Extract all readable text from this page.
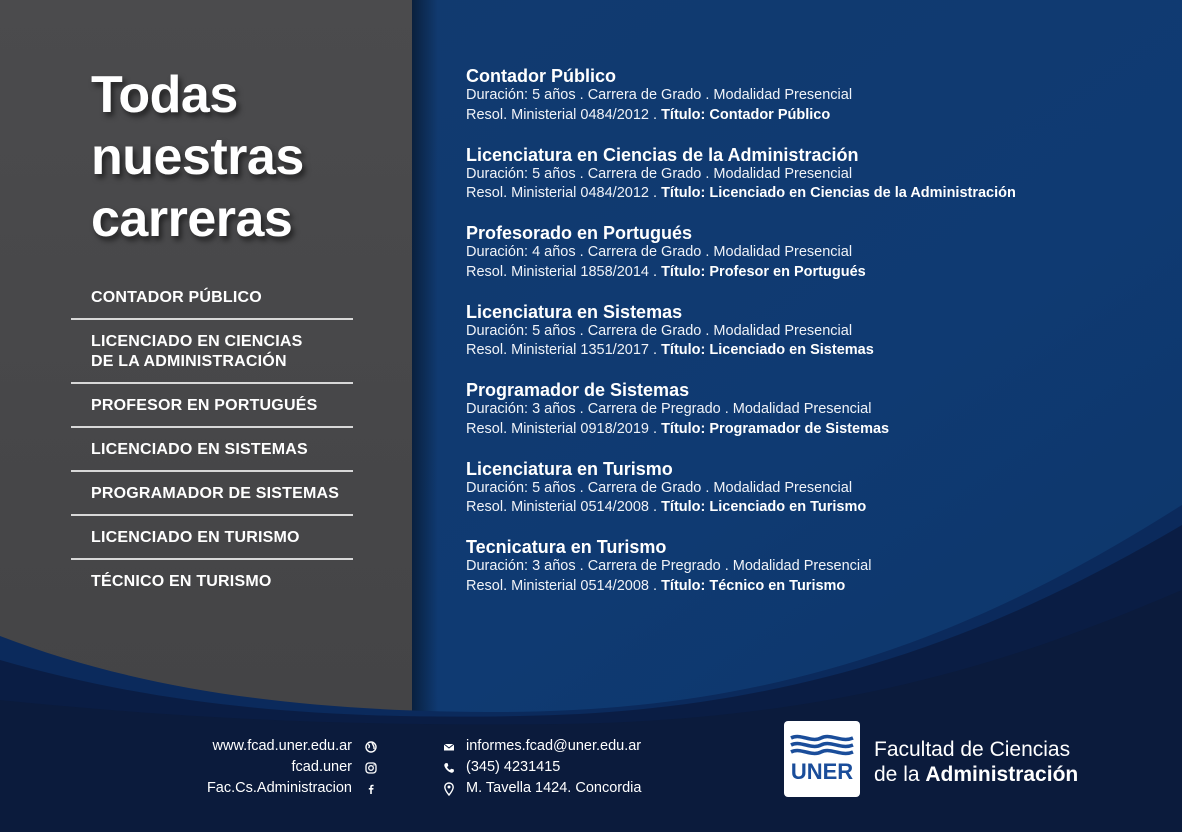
Todas
nuestras
carreras
CONTADOR PÚBLICO
LICENCIADO EN CIENCIAS
DE LA ADMINISTRACIÓN
PROFESOR EN PORTUGUÉS
LICENCIADO EN SISTEMAS
PROGRAMADOR DE SISTEMAS
LICENCIADO EN TURISMO
TÉCNICO EN TURISMO
Contador Público
Duración: 5 años . Carrera de Grado . Modalidad Presencial
Resol. Ministerial 0484/2012 . Título: Contador Público
Licenciatura en Ciencias de la Administración
Duración: 5 años . Carrera de Grado . Modalidad Presencial
Resol. Ministerial 0484/2012 . Título: Licenciado en Ciencias de la Administración
Profesorado en Portugués
Duración: 4 años . Carrera de Grado . Modalidad Presencial
Resol. Ministerial 1858/2014 . Título: Profesor en Portugués
Licenciatura en Sistemas
Duración: 5 años . Carrera de Grado . Modalidad Presencial
Resol. Ministerial 1351/2017 . Título: Licenciado en Sistemas
Programador de Sistemas
Duración: 3 años . Carrera de Pregrado . Modalidad Presencial
Resol. Ministerial 0918/2019 . Título: Programador de Sistemas
Licenciatura en Turismo
Duración: 5 años . Carrera de Grado . Modalidad Presencial
Resol. Ministerial 0514/2008 . Título: Licenciado en Turismo
Tecnicatura en Turismo
Duración: 3 años . Carrera de Pregrado . Modalidad Presencial
Resol. Ministerial 0514/2008 . Título: Técnico en Turismo
www.fcad.uner.edu.ar
fcad.uner
Fac.Cs.Administracion
informes.fcad@uner.edu.ar
(345) 4231415
M. Tavella 1424. Concordia
UNER
Facultad de Ciencias
de la Administración
